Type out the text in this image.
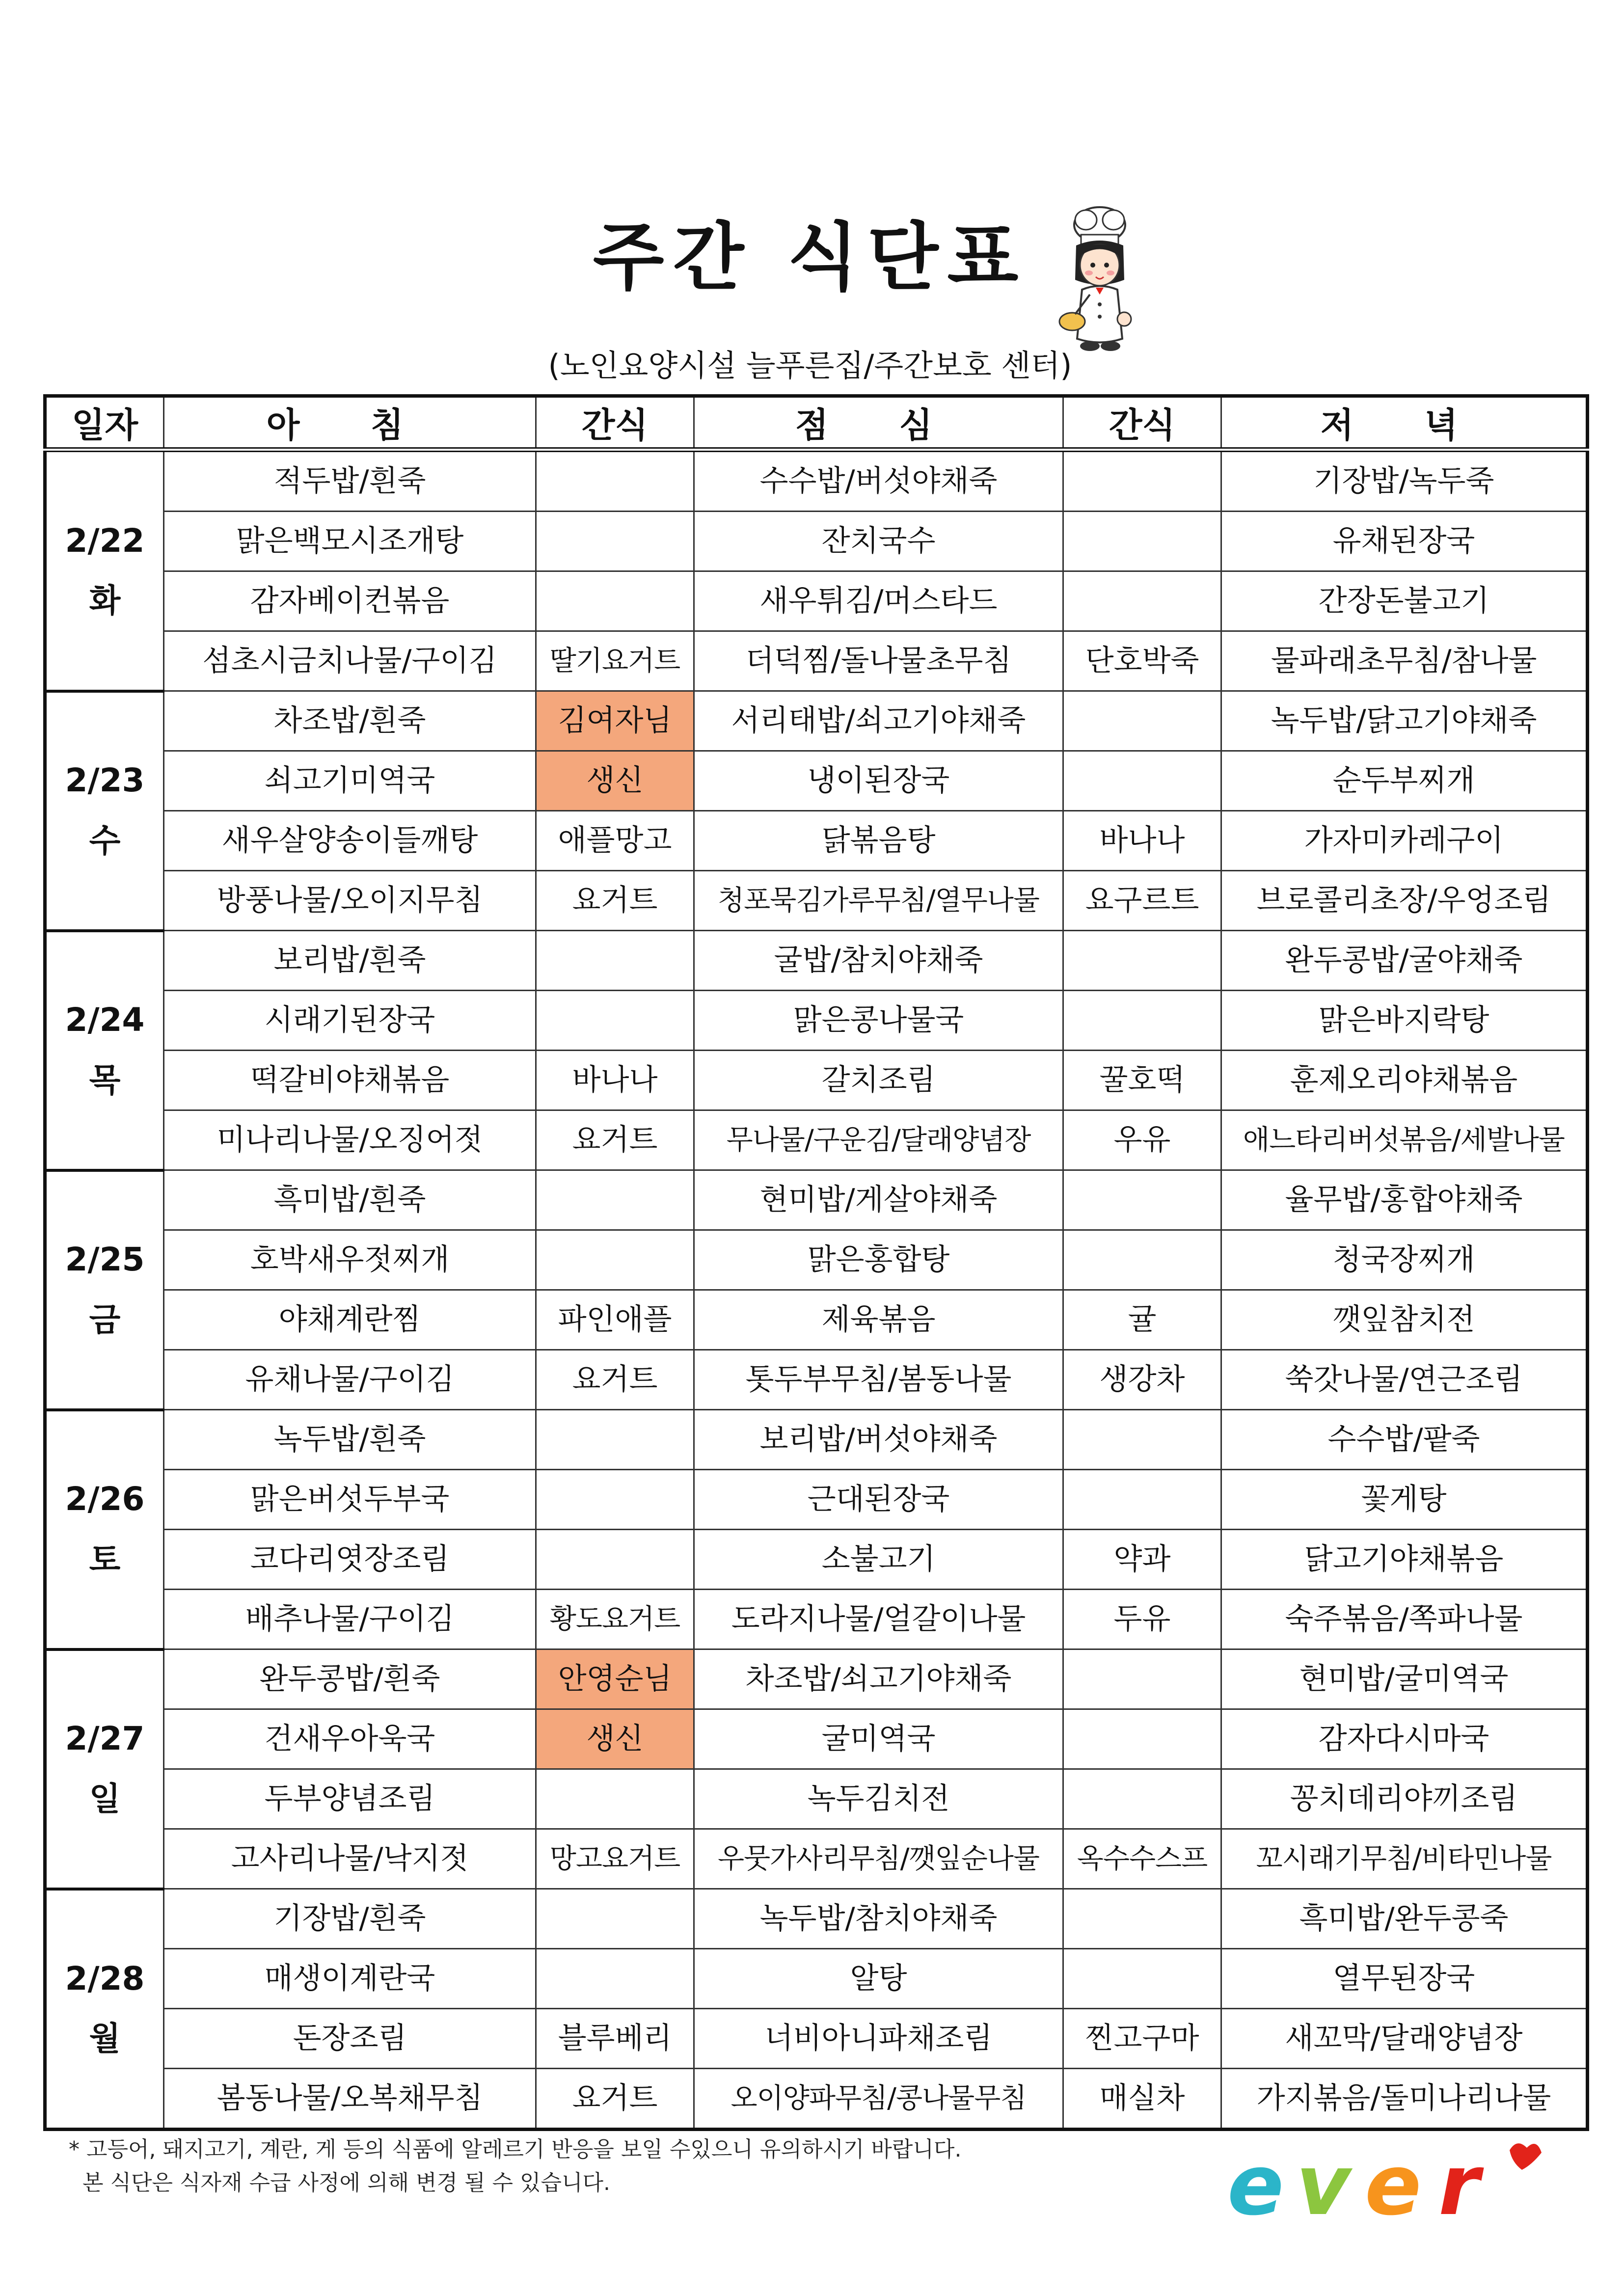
주간 식단표
(노인요양시설 늘푸른집/주간보호 센터)
일자	아 침	간식	점 심	간식	저 녁

2/22
화	적두밥/흰죽		수수밥/버섯야채죽		기장밥/녹두죽
	맑은백모시조개탕		잔치국수		유채된장국
	감자베이컨볶음		새우튀김/머스타드		간장돈불고기
	섬초시금치나물/구이김	딸기요거트	더덕찜/돌나물초무침	단호박죽	물파래초무침/참나물

2/23
수	차조밥/흰죽	김여자님	서리태밥/쇠고기야채죽		녹두밥/닭고기야채죽
	쇠고기미역국	생신	냉이된장국		순두부찌개
	새우살양송이들깨탕	애플망고	닭볶음탕	바나나	가자미카레구이
	방풍나물/오이지무침	요거트	청포묵김가루무침/열무나물	요구르트	브로콜리초장/우엉조림

2/24
목	보리밥/흰죽		굴밥/참치야채죽		완두콩밥/굴야채죽
	시래기된장국		맑은콩나물국		맑은바지락탕
	떡갈비야채볶음	바나나	갈치조림	꿀호떡	훈제오리야채볶음
	미나리나물/오징어젓	요거트	무나물/구운김/달래양념장	우유	애느타리버섯볶음/세발나물

2/25
금	흑미밥/흰죽		현미밥/게살야채죽		율무밥/홍합야채죽
	호박새우젓찌개		맑은홍합탕		청국장찌개
	야채계란찜	파인애플	제육볶음	귤	깻잎참치전
	유채나물/구이김	요거트	톳두부무침/봄동나물	생강차	쑥갓나물/연근조림

2/26
토	녹두밥/흰죽		보리밥/버섯야채죽		수수밥/팥죽
	맑은버섯두부국		근대된장국		꽃게탕
	코다리엿장조림		소불고기	약과	닭고기야채볶음
	배추나물/구이김	황도요거트	도라지나물/얼갈이나물	두유	숙주볶음/쪽파나물

2/27
일	완두콩밥/흰죽	안영순님	차조밥/쇠고기야채죽		현미밥/굴미역국
	건새우아욱국	생신	굴미역국		감자다시마국
	두부양념조림		녹두김치전		꽁치데리야끼조림
	고사리나물/낙지젓	망고요거트	우뭇가사리무침/깻잎순나물	옥수수스프	꼬시래기무침/비타민나물

2/28
월	기장밥/흰죽		녹두밥/참치야채죽		흑미밥/완두콩죽
	매생이계란국		알탕		열무된장국
	돈장조림	블루베리	너비아니파채조림	찐고구마	새꼬막/달래양념장
	봄동나물/오복채무침	요거트	오이양파무침/콩나물무침	매실차	가지볶음/돌미나리나물
* 고등어, 돼지고기, 계란, 게 등의 식품에 알레르기 반응을 보일 수있으니 유의하시기 바랍니다.
본 식단은 식자재 수급 사정에 의해 변경 될 수 있습니다.	e v e r
